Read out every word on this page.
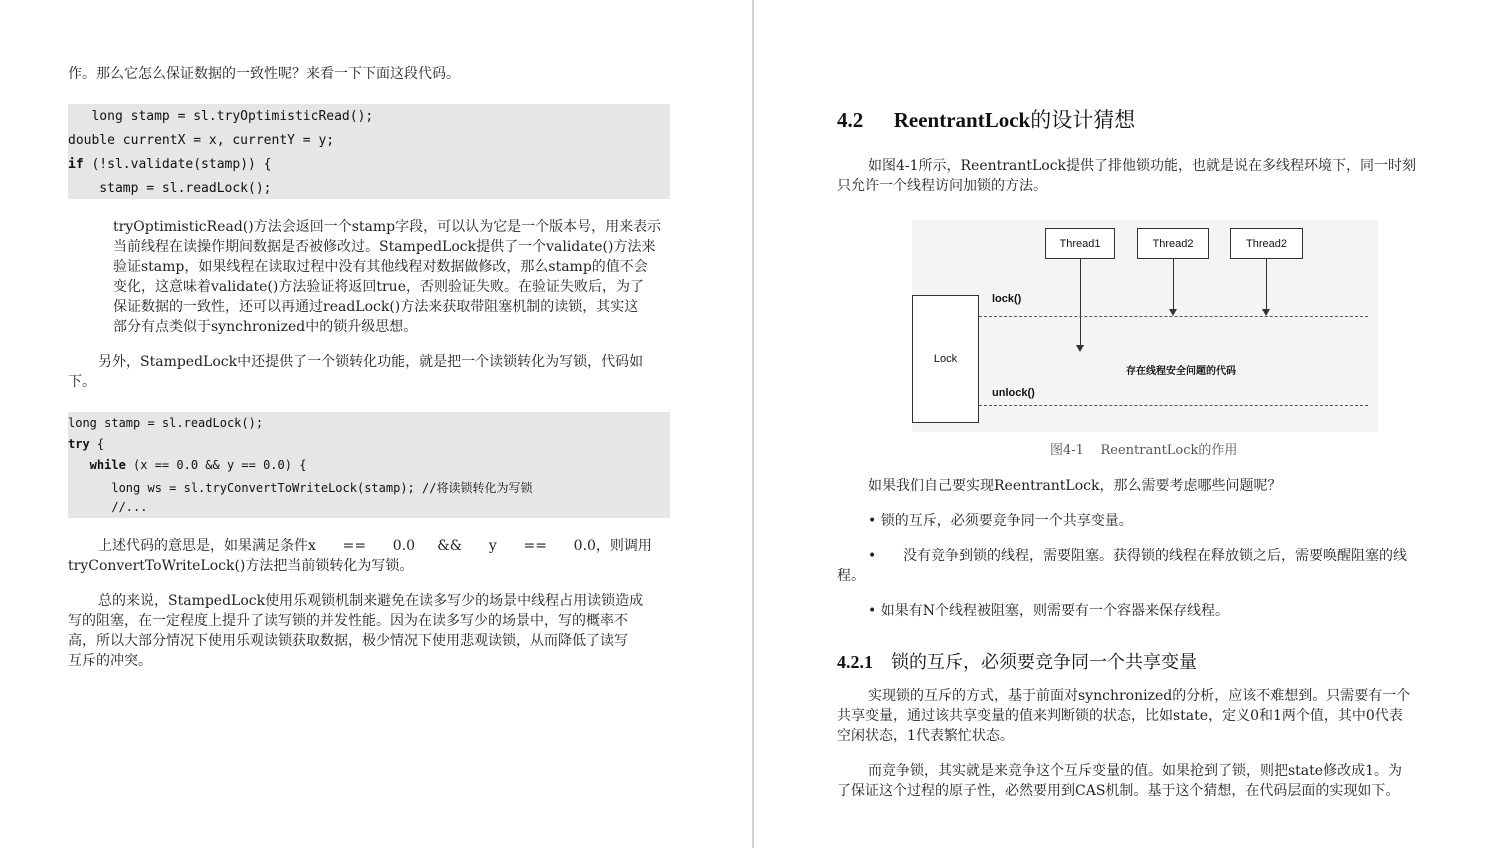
作。那么它怎么保证数据的一致性呢？来看一下下面这段代码。

long stamp = sl.tryOptimisticRead();
double currentX = x, currentY = y;
if (!sl.validate(stamp)) {
stamp = sl.readLock();

tryOptimisticRead()方法会返回一个stamp字段，可以认为它是一个版本号，用来表示

当前线程在读操作期间数据是否被修改过。StampedLock提供了一个validate()方法来

验证stamp，如果线程在读取过程中没有其他线程对数据做修改，那么stamp的值不会

变化，这意味着validate()方法验证将返回true，否则验证失败。在验证失败后，为了

保证数据的一致性，还可以再通过readLock()方法来获取带阻塞机制的读锁，其实这

部分有点类似于synchronized中的锁升级思想。

另外，StampedLock中还提供了一个锁转化功能，就是把一个读锁转化为写锁，代码如

下。

long stamp = sl.readLock();
try {
while (x == 0.0 && y == 0.0) {
long ws = sl.tryConvertToWriteLock(stamp); //将读锁转化为写锁
//...

上述代码的意思是，如果满足条件x      ==      0.0     &&      y      ==      0.0，则调用

tryConvertToWriteLock()方法把当前锁转化为写锁。

总的来说，StampedLock使用乐观锁机制来避免在读多写少的场景中线程占用读锁造成

写的阻塞，在一定程度上提升了读写锁的并发性能。因为在读多写少的场景中，写的概率不

高，所以大部分情况下使用乐观读锁获取数据，极少情况下使用悲观读锁，从而降低了读写

互斥的冲突。

4.2 ReentrantLock的设计猜想

如图4-1所示，ReentrantLock提供了排他锁功能，也就是说在多线程环境下，同一时刻

只允许一个线程访问加锁的方法。

Thread1	Thread2	Thread2
Lock
lock()
存在线程安全问题的代码
unlock()
图4-1    ReentrantLock的作用

如果我们自己要实现ReentrantLock，那么需要考虑哪些问题呢？

• 锁的互斥，必须要竞争同一个共享变量。

•      没有竞争到锁的线程，需要阻塞。获得锁的线程在释放锁之后，需要唤醒阻塞的线

程。

• 如果有N个线程被阻塞，则需要有一个容器来保存线程。

4.2.1 锁的互斥，必须要竞争同一个共享变量

实现锁的互斥的方式，基于前面对synchronized的分析，应该不难想到。只需要有一个

共享变量，通过该共享变量的值来判断锁的状态，比如state，定义0和1两个值，其中0代表

空闲状态，1代表繁忙状态。

而竞争锁，其实就是来竞争这个互斥变量的值。如果抢到了锁，则把state修改成1。为

了保证这个过程的原子性，必然要用到CAS机制。基于这个猜想，在代码层面的实现如下。
